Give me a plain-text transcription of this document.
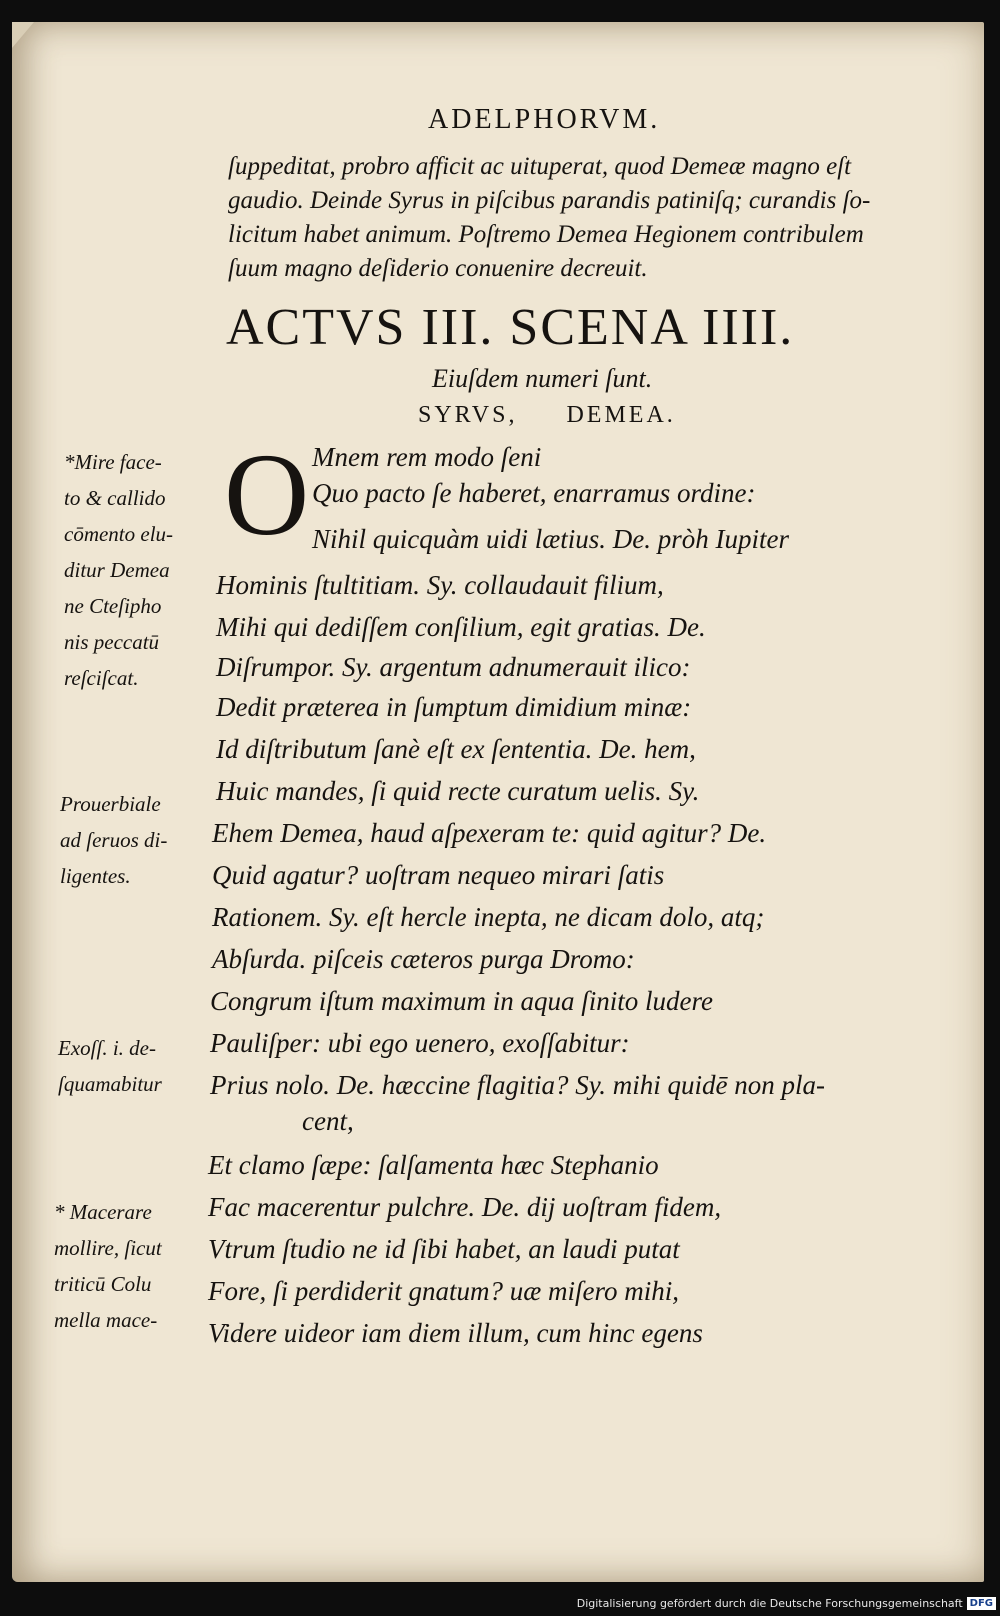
ADELPHORVM.
ſuppeditat, probro afficit ac uituperat, quod Demeæ magno eſt
gaudio. Deinde Syrus in piſcibus parandis patiniſq; curandis ſo-
licitum habet animum. Poſtremo Demea Hegionem contribulem
ſuum magno deſiderio conuenire decreuit.
ACTVS III. SCENA IIII.
Eiuſdem numeri ſunt.
SYRVS, DEMEA.
O Mnem rem modo ſeni
Quo pacto ſe haberet, enarramus ordine:
Nihil quicquàm uidi lætius. De. pròh Iupiter
Hominis ſtultitiam. Sy. collaudauit filium,
Mihi qui dediſſem conſilium, egit gratias. De.
Diſrumpor. Sy. argentum adnumerauit ilico:
Dedit præterea in ſumptum dimidium minæ:
Id diſtributum ſanè eſt ex ſententia. De. hem,
Huic mandes, ſi quid recte curatum uelis. Sy.
Ehem Demea, haud aſpexeram te: quid agitur? De.
Quid agatur? uoſtram nequeo mirari ſatis
Rationem. Sy. eſt hercle inepta, ne dicam dolo, atq;
Abſurda. piſceis cæteros purga Dromo:
Congrum iſtum maximum in aqua ſinito ludere
Pauliſper: ubi ego uenero, exoſſabitur:
Prius nolo. De. hæccine flagitia? Sy. mihi quidē non pla-
cent,
Et clamo ſæpe: ſalſamenta hæc Stephanio
Fac macerentur pulchre. De. dij uoſtram fidem,
Vtrum ſtudio ne id ſibi habet, an laudi putat
Fore, ſi perdiderit gnatum? uæ miſero mihi,
Videre uideor iam diem illum, cum hinc egens
*Mire face-
to & callido
cōmento elu-
ditur Demea
ne Cteſipho
nis peccatū
reſciſcat.
Prouerbiale
ad ſeruos di-
ligentes.
Exoſſ. i. de-
ſquamabitur
* Macerare
mollire, ſicut
triticū Colu
mella mace-
Digitalisierung gefördert durch die Deutsche Forschungsgemeinschaft DFG
